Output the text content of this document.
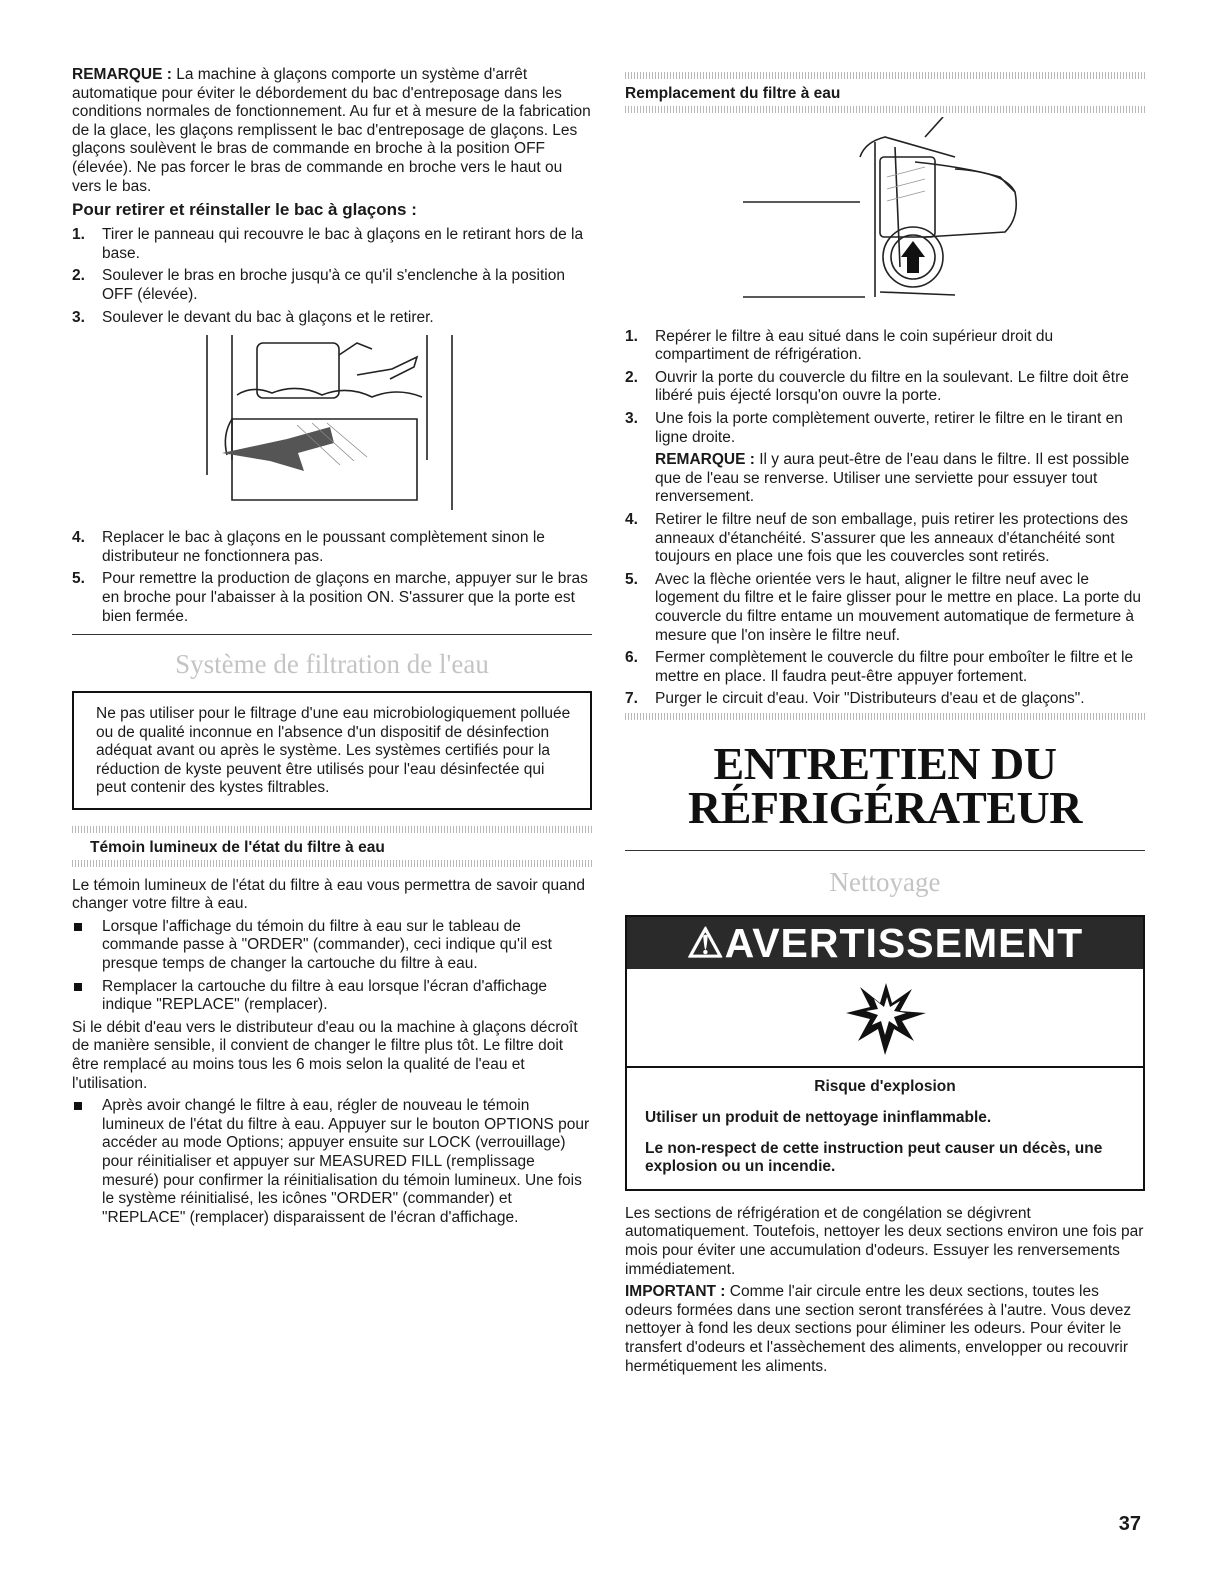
REMARQUE : La machine à glaçons comporte un système d'arrêt automatique pour éviter le débordement du bac d'entreposage dans les conditions normales de fonctionnement. Au fur et à mesure de la fabrication de la glace, les glaçons remplissent le bac d'entreposage de glaçons. Les glaçons soulèvent le bras de commande en broche à la position OFF (élevée). Ne pas forcer le bras de commande en broche vers le haut ou vers le bas.

Pour retirer et réinstaller le bac à glaçons :
1. Tirer le panneau qui recouvre le bac à glaçons en le retirant hors de la base.
2. Soulever le bras en broche jusqu'à ce qu'il s'enclenche à la position OFF (élevée).
3. Soulever le devant du bac à glaçons et le retirer.
4. Replacer le bac à glaçons en le poussant complètement sinon le distributeur ne fonctionnera pas.
5. Pour remettre la production de glaçons en marche, appuyer sur le bras en broche pour l'abaisser à la position ON. S'assurer que la porte est bien fermée.
Système de filtration de l'eau

Ne pas utiliser pour le filtrage d'une eau microbiologiquement polluée ou de qualité inconnue en l'absence d'un dispositif de désinfection adéquat avant ou après le système. Les systèmes certifiés pour la réduction de kyste peuvent être utilisés pour l'eau désinfectée qui peut contenir des kystes filtrables.

Témoin lumineux de l'état du filtre à eau

Le témoin lumineux de l'état du filtre à eau vous permettra de savoir quand changer votre filtre à eau.

Lorsque l'affichage du témoin du filtre à eau sur le tableau de commande passe à "ORDER" (commander), ceci indique qu'il est presque temps de changer la cartouche du filtre à eau.
Remplacer la cartouche du filtre à eau lorsque l'écran d'affichage indique "REPLACE" (remplacer).

Si le débit d'eau vers le distributeur d'eau ou la machine à glaçons décroît de manière sensible, il convient de changer le filtre plus tôt. Le filtre doit être remplacé au moins tous les 6 mois selon la qualité de l'eau et l'utilisation.

Après avoir changé le filtre à eau, régler de nouveau le témoin lumineux de l'état du filtre à eau. Appuyer sur le bouton OPTIONS pour accéder au mode Options; appuyer ensuite sur LOCK (verrouillage) pour réinitialiser et appuyer sur MEASURED FILL (remplissage mesuré) pour confirmer la réinitialisation du témoin lumineux. Une fois le système réinitialisé, les icônes "ORDER" (commander) et "REPLACE" (remplacer) disparaissent de l'écran d'affichage.
Remplacement du filtre à eau
1. Repérer le filtre à eau situé dans le coin supérieur droit du compartiment de réfrigération.
2. Ouvrir la porte du couvercle du filtre en la soulevant. Le filtre doit être libéré puis éjecté lorsqu'on ouvre la porte.
3. Une fois la porte complètement ouverte, retirer le filtre en le tirant en ligne droite.

REMARQUE : Il y aura peut-être de l'eau dans le filtre. Il est possible que de l'eau se renverse. Utiliser une serviette pour essuyer tout renversement.

4. Retirer le filtre neuf de son emballage, puis retirer les protections des anneaux d'étanchéité. S'assurer que les anneaux d'étanchéité sont toujours en place une fois que les couvercles sont retirés.
5. Avec la flèche orientée vers le haut, aligner le filtre neuf avec le logement du filtre et le faire glisser pour le mettre en place. La porte du couvercle du filtre entame un mouvement automatique de fermeture à mesure que l'on insère le filtre neuf.
6. Fermer complètement le couvercle du filtre pour emboîter le filtre et le mettre en place. Il faudra peut-être appuyer fortement.
7. Purger le circuit d'eau. Voir "Distributeurs d'eau et de glaçons".
ENTRETIEN DU
RÉFRIGÉRATEUR
Nettoyage
⚠AVERTISSEMENT
Risque d'explosion

Utiliser un produit de nettoyage ininflammable.

Le non-respect de cette instruction peut causer un décès, une explosion ou un incendie.

Les sections de réfrigération et de congélation se dégivrent automatiquement. Toutefois, nettoyer les deux sections environ une fois par mois pour éviter une accumulation d'odeurs. Essuyer les renversements immédiatement.

IMPORTANT : Comme l'air circule entre les deux sections, toutes les odeurs formées dans une section seront transférées à l'autre. Vous devez nettoyer à fond les deux sections pour éliminer les odeurs. Pour éviter le transfert d'odeurs et l'assèchement des aliments, envelopper ou recouvrir hermétiquement les aliments.

37
